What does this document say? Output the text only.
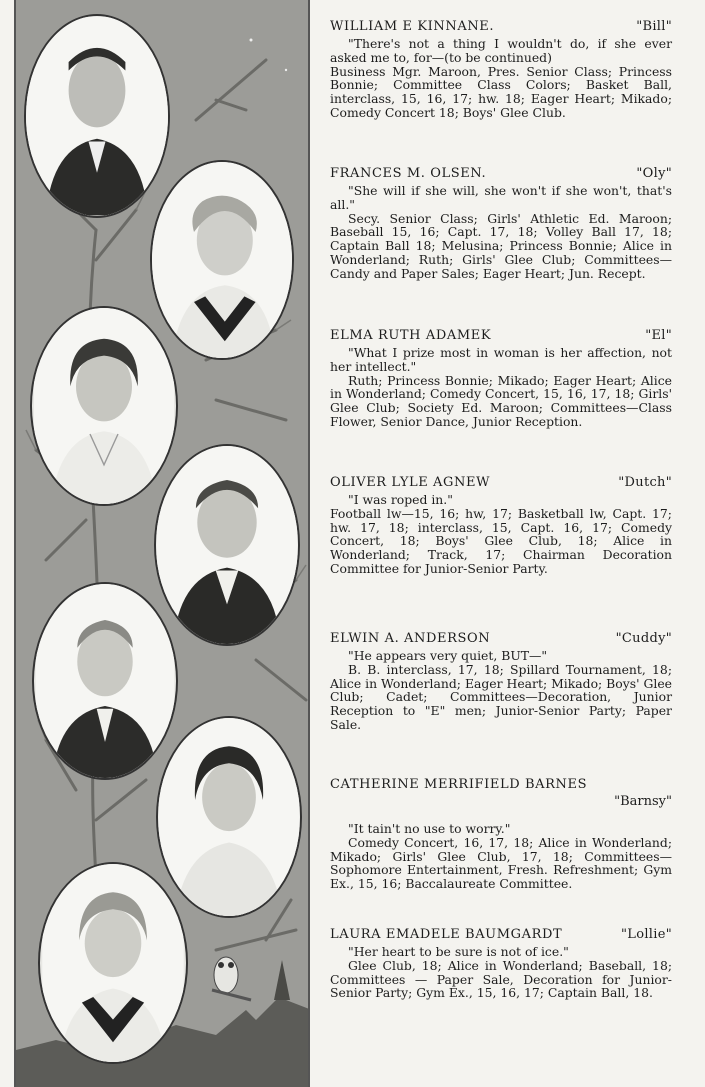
WILLIAM E KINNANE.	"Bill"
"There's not a thing I wouldn't do, if she ever asked me to, for—(to be continued)
Business Mgr. Maroon, Pres. Senior Class; Princess Bonnie; Committee Class Colors; Basket Ball, interclass, 15, 16, 17; hw. 18; Eager Heart; Mikado; Comedy Concert 18; Boys' Glee Club.
FRANCES M. OLSEN.	"Oly"
"She will if she will, she won't if she won't, that's all."
Secy. Senior Class; Girls' Athletic Ed. Maroon; Baseball 15, 16; Capt. 17, 18; Volley Ball 17, 18; Captain Ball 18; Melusina; Princess Bonnie; Alice in Wonderland; Ruth; Girls' Glee Club; Committees—Candy and Paper Sales; Eager Heart; Jun. Recept.
ELMA RUTH ADAMEK	"El"
"What I prize most in woman is her affection, not her intellect."
Ruth; Princess Bonnie; Mikado; Eager Heart; Alice in Wonderland; Comedy Concert, 15, 16, 17, 18; Girls' Glee Club; Society Ed. Maroon; Committees—Class Flower, Senior Dance, Junior Reception.
OLIVER LYLE AGNEW	"Dutch"
"I was roped in."
Football lw—15, 16; hw, 17; Basketball lw, Capt. 17; hw. 17, 18; interclass, 15, Capt. 16, 17; Comedy Concert, 18; Boys' Glee Club, 18; Alice in Wonderland; Track, 17; Chairman Decoration Committee for Junior-Senior Party.
ELWIN A. ANDERSON	"Cuddy"
"He appears very quiet, BUT—"
B. B. interclass, 17, 18; Spillard Tournament, 18; Alice in Wonderland; Eager Heart; Mikado; Boys' Glee Club; Cadet; Committees—Decoration, Junior Reception to "E" men; Junior-Senior Party; Paper Sale.
CATHERINE MERRIFIELD BARNES
"Barnsy"
"It tain't no use to worry."
Comedy Concert, 16, 17, 18; Alice in Wonderland; Mikado; Girls' Glee Club, 17, 18; Committees—Sophomore Entertainment, Fresh. Refreshment; Gym Ex., 15, 16; Baccalaureate Committee.
LAURA EMADELE BAUMGARDT	"Lollie"
"Her heart to be sure is not of ice."
Glee Club, 18; Alice in Wonderland; Baseball, 18; Committees — Paper Sale, Decoration for Junior-Senior Party; Gym Ex., 15, 16, 17; Captain Ball, 18.
